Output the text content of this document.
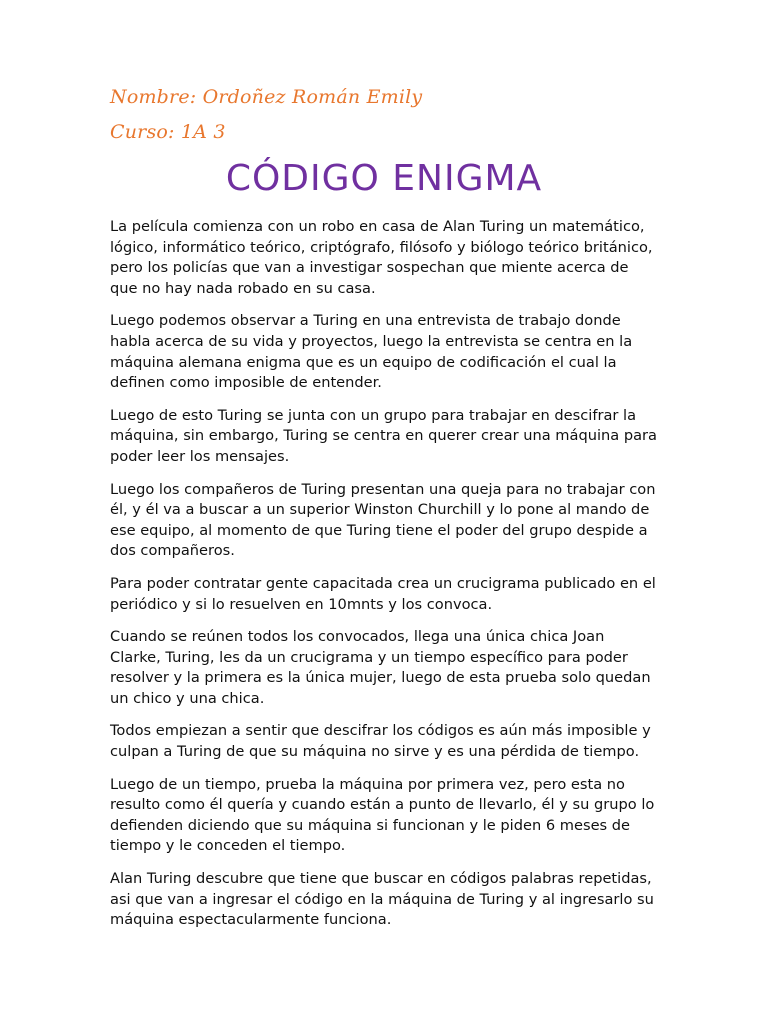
Nombre: Ordoñez Román Emily
Curso: 1A 3
CÓDIGO ENIGMA

La película comienza con un robo en casa de Alan Turing un matemático, lógico, informático teórico, criptógrafo, filósofo y biólogo teórico británico, pero los policías que van a investigar sospechan que miente acerca de que no hay nada robado en su casa.

Luego podemos observar a Turing en una entrevista de trabajo donde habla acerca de su vida y proyectos, luego la entrevista se centra en la máquina alemana enigma que es un equipo de codificación el cual la definen como imposible de entender.

Luego de esto Turing se junta con un grupo para trabajar en descifrar la máquina, sin embargo, Turing se centra en querer crear una máquina para poder leer los mensajes.

Luego los compañeros de Turing presentan una queja para no trabajar con él, y él va a buscar a un superior Winston Churchill y lo pone al mando de ese equipo, al momento de que Turing tiene el poder del grupo despide a dos compañeros.

Para poder contratar gente capacitada crea un crucigrama publicado en el periódico y si lo resuelven en 10mnts y los convoca.

Cuando se reúnen todos los convocados, llega una única chica Joan Clarke, Turing, les da un crucigrama y un tiempo específico para poder resolver y la primera es la única mujer, luego de esta prueba solo quedan un chico y una chica.

Todos empiezan a sentir que descifrar los códigos es aún más imposible y culpan a Turing de que su máquina no sirve y es una pérdida de tiempo.

Luego de un tiempo, prueba la máquina por primera vez, pero esta no resulto como él quería y cuando están a punto de llevarlo, él y su grupo lo defienden diciendo que su máquina si funcionan y le piden 6 meses de tiempo y le conceden el tiempo.

Alan Turing descubre que tiene que buscar en códigos palabras repetidas, asi que van a ingresar el código en la máquina de Turing y al ingresarlo su máquina espectacularmente funciona.
